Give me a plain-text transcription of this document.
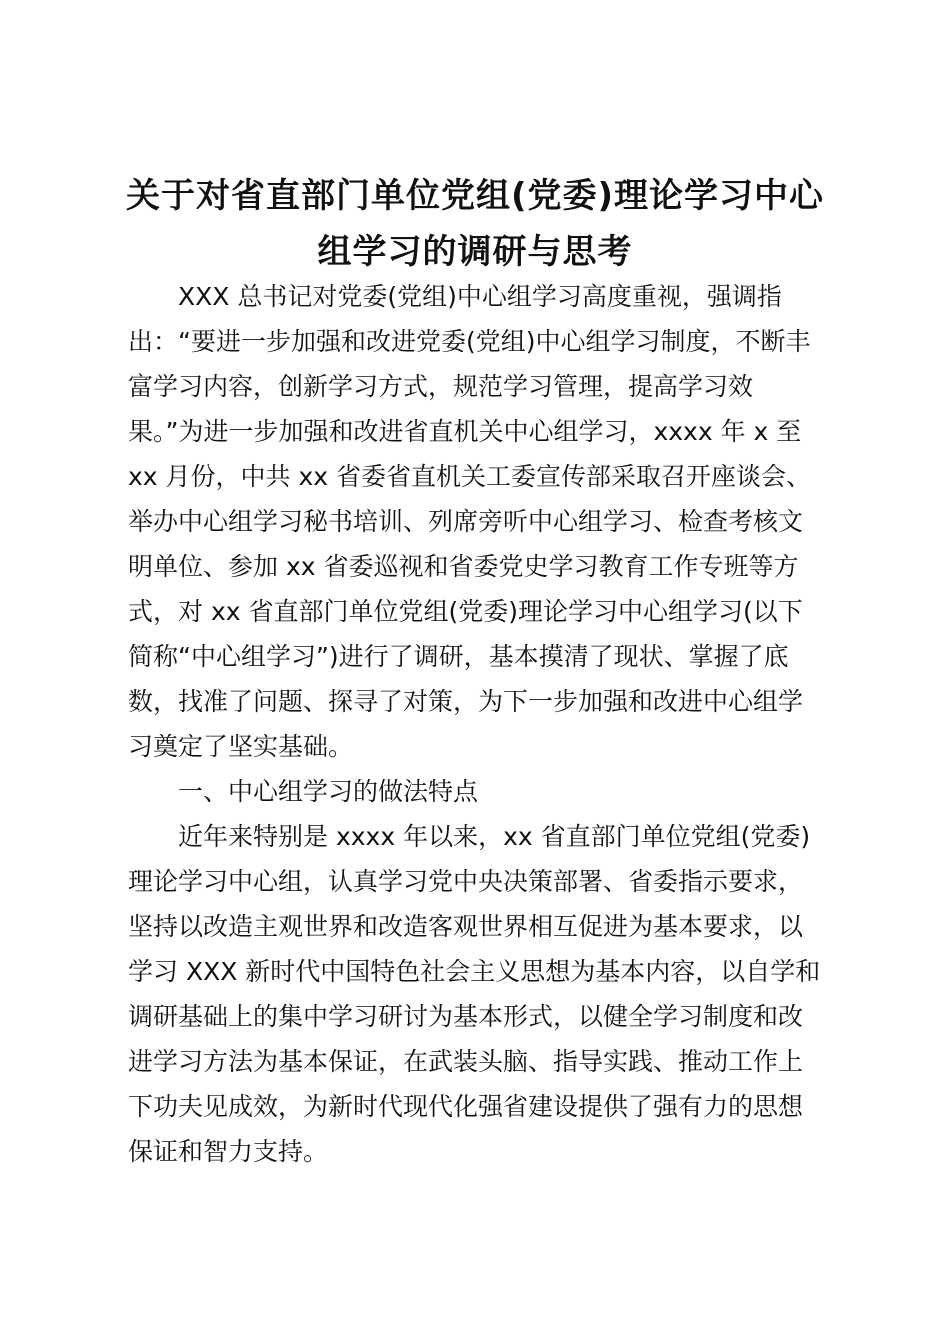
关于对省直部门单位党组(党委)理论学习中心
组学习的调研与思考
XXX 总书记对党委(党组)中心组学习高度重视，强调指
出：“要进一步加强和改进党委(党组)中心组学习制度，不断丰
富学习内容，创新学习方式，规范学习管理，提高学习效
果。”为进一步加强和改进省直机关中心组学习，xxxx 年 x 至
xx 月份，中共 xx 省委省直机关工委宣传部采取召开座谈会、
举办中心组学习秘书培训、列席旁听中心组学习、检查考核文
明单位、参加 xx 省委巡视和省委党史学习教育工作专班等方
式，对 xx 省直部门单位党组(党委)理论学习中心组学习(以下
简称“中心组学习”)进行了调研，基本摸清了现状、掌握了底
数，找准了问题、探寻了对策，为下一步加强和改进中心组学
习奠定了坚实基础。
一、中心组学习的做法特点
近年来特别是 xxxx 年以来，xx 省直部门单位党组(党委)
理论学习中心组，认真学习党中央决策部署、省委指示要求，
坚持以改造主观世界和改造客观世界相互促进为基本要求，以
学习 XXX 新时代中国特色社会主义思想为基本内容，以自学和
调研基础上的集中学习研讨为基本形式，以健全学习制度和改
进学习方法为基本保证，在武装头脑、指导实践、推动工作上
下功夫见成效，为新时代现代化强省建设提供了强有力的思想
保证和智力支持。
